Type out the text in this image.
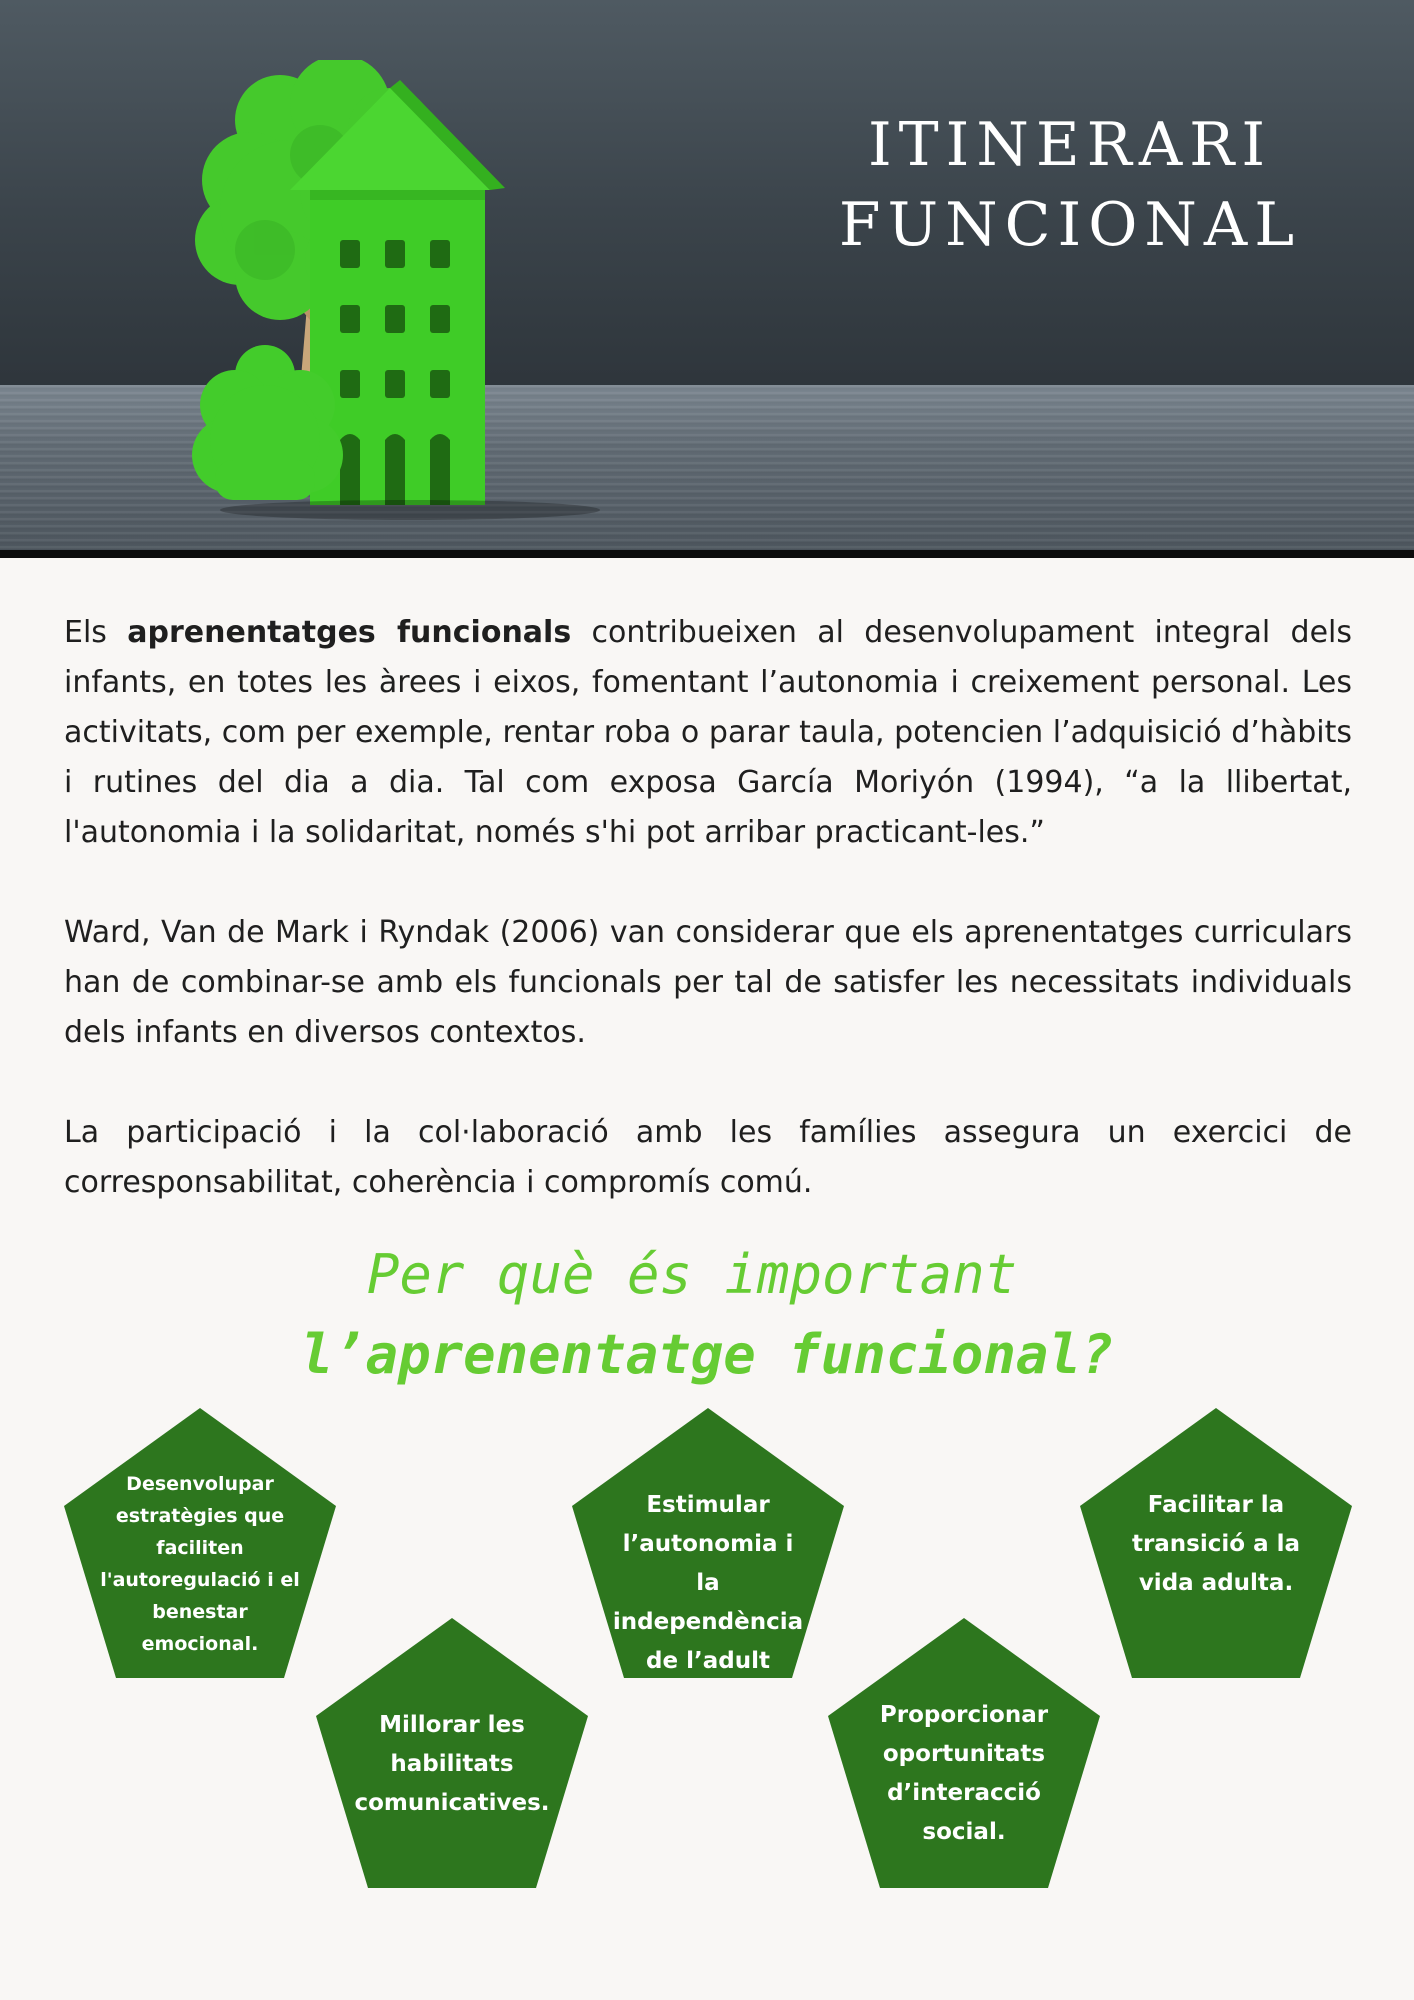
ITINERARI
FUNCIONAL

Els aprenentatges funcionals contribueixen al desenvolupament integral dels infants, en totes les àrees i eixos, fomentant l’autonomia i creixement personal. Les activitats, com per exemple, rentar roba o parar taula, potencien l’adquisició d’hàbits i rutines del dia a dia. Tal com exposa García Moriyón (1994), “a la llibertat, l'autonomia i la solidaritat, només s'hi pot arribar practicant-les.”

Ward, Van de Mark i Ryndak (2006) van considerar que els aprenentatges curriculars han de combinar-se amb els funcionals per tal de satisfer les necessitats individuals dels infants en diversos contextos.

La participació i la col·laboració amb les famílies assegura un exercici de corresponsabilitat, coherència i compromís comú.

Per què és important
l’aprenentatge funcional?
Desenvolupar estratègies que faciliten l'autoregulació i el benestar emocional.
Estimular l’autonomia i la independència de l’adult
Facilitar la transició a la vida adulta.
Millorar les habilitats comunicatives.
Proporcionar oportunitats d’interacció social.
